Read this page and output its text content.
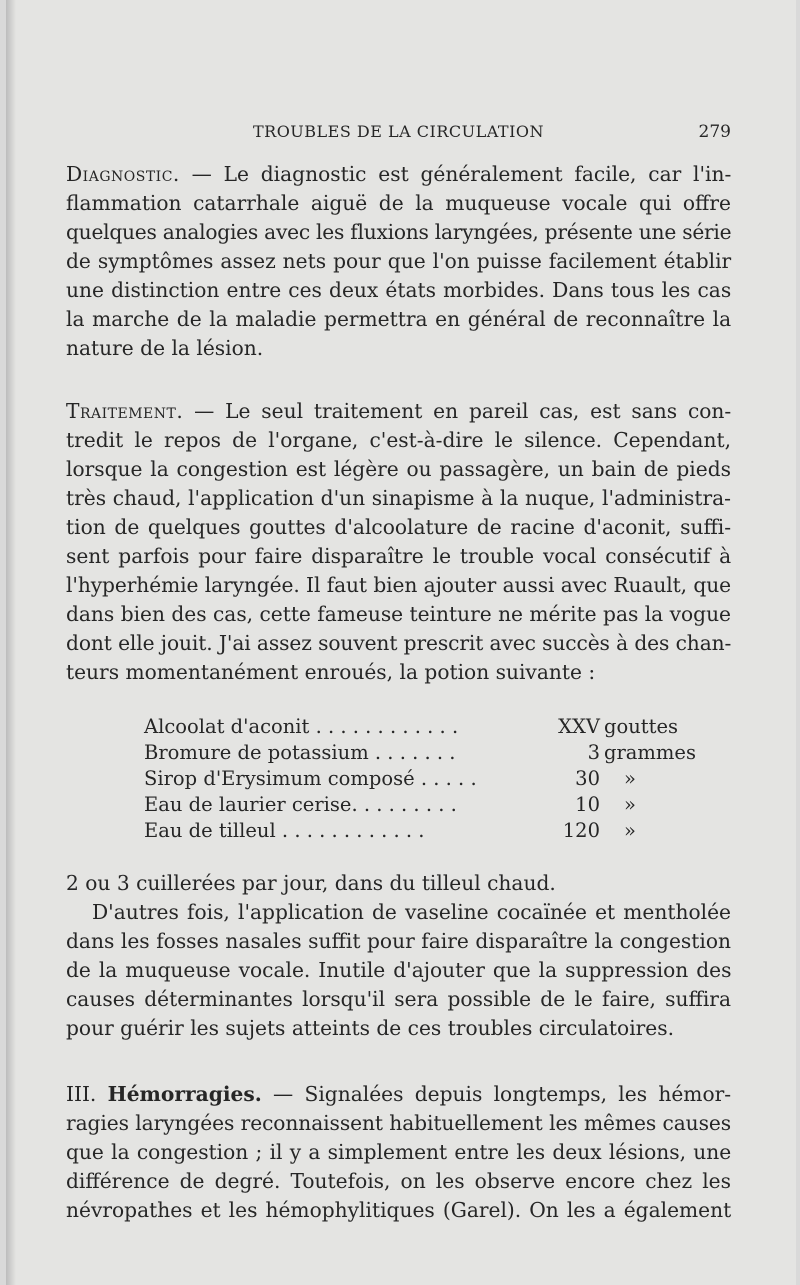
TROUBLES DE LA CIRCULATION	279
Diagnostic. — Le diagnostic est généralement facile, car l'in-
flammation catarrhale aiguë de la muqueuse vocale qui offre
quelques analogies avec les fluxions laryngées, présente une série
de symptômes assez nets pour que l'on puisse facilement établir
une distinction entre ces deux états morbides. Dans tous les cas
la marche de la maladie permettra en général de reconnaître la
nature de la lésion.
Traitement. — Le seul traitement en pareil cas, est sans con-
tredit le repos de l'organe, c'est-à-dire le silence. Cependant,
lorsque la congestion est légère ou passagère, un bain de pieds
très chaud, l'application d'un sinapisme à la nuque, l'administra-
tion de quelques gouttes d'alcoolature de racine d'aconit, suffi-
sent parfois pour faire disparaître le trouble vocal consécutif à
l'hyperhémie laryngée. Il faut bien ajouter aussi avec Ruault, que
dans bien des cas, cette fameuse teinture ne mérite pas la vogue
dont elle jouit. J'ai assez souvent prescrit avec succès à des chan-
teurs momentanément enroués, la potion suivante :
Alcoolat d'aconit . . . . . . . . . . . .	XXV gouttes
Bromure de potassium . . . . . . .	3 grammes
Sirop d'Erysimum composé . . . . .	30 »
Eau de laurier cerise. . . . . . . . .	10 »
Eau de tilleul . . . . . . . . . . . .	120 »
2 ou 3 cuillerées par jour, dans du tilleul chaud.
D'autres fois, l'application de vaseline cocaïnée et mentholée
dans les fosses nasales suffit pour faire disparaître la congestion
de la muqueuse vocale. Inutile d'ajouter que la suppression des
causes déterminantes lorsqu'il sera possible de le faire, suffira
pour guérir les sujets atteints de ces troubles circulatoires.
III. Hémorragies. — Signalées depuis longtemps, les hémor-
ragies laryngées reconnaissent habituellement les mêmes causes
que la congestion ; il y a simplement entre les deux lésions, une
différence de degré. Toutefois, on les observe encore chez les
névropathes et les hémophylitiques (Garel). On les a également
